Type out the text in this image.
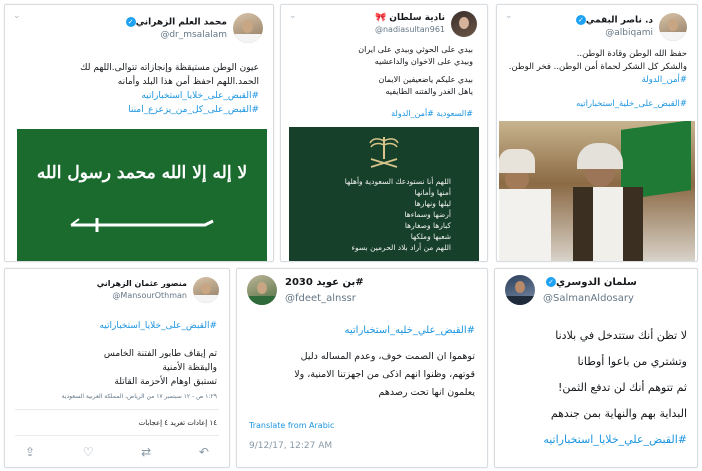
⌄	د. ناصر البقمي✓
@albiqami
حفظ الله الوطن وقادة الوطن..
والشكر كل الشكر لحماة أمن الوطن.. فخر الوطن.
#أمن_الدولة
#القبض_على_خلية_استخباراتيه
⌄	نادية سلطان 🎀
@nadiasultan961
بيدي على الحوثي وبيدي على ايران
وبيدي على الاخوان والداعشيه
بيدي عليكم ياضعيفين الايمان
ياهل الغدر والفتنه الطايفيه
#السعودية #أمن_الدولة
اللهم أنا نستودعك السعودية وأهلها
أمنها وأمانها
ليلها ونهارها
أرضها وسماءها
كبارها وصغارها
شعبها وملكها
اللهم من أراد بلاد الحرمين بسوء
⌄
محمد العلم الزهراني✓
@dr_msalalam
عيون الوطن مستيقظة وإنجازاته تتوالى.اللهم لك
الحمد.اللهم احفظ أمن هذا البلد وأمانه
#القبض_على_خلايا_استخباراتيه
#القبض_على_كل_من_يزعزع_امننا
لا إله إلا الله محمد رسول الله
منصور عثمان الزهراني
@MansourOthman
#القبض_على_خلايا_استخباراتيه
تم إيقاف طابور الفتنة الخامس
واليقظة الأمنية
تستبق اوهام الأحزمة القاتلة
١:٢٩ ص - ١٢ سبتمبر ١٧ من الرياض، المملكة العربية السعودية
١٤ إعادات تغريد ٤ إعجابات
⇪	♡	⇄	↶
بن عويد 2030#
@fdeet_alnssr
#القبض_علي_خليه_استخباراتيه
توهموا ان الصمت خوف، وعدم المساله دليل
قوتهم، وظنوا انهم اذكى من اجهزتنا الامنية، ولا
يعلمون انها تحت رصدهم
Translate from Arabic
9/12/17, 12:27 AM
سلمان الدوسري✓
@SalmanAldosary
لا تظن أنك ستتدخل في بلادنا
وتشتري من باعوا أوطانا
ثم تتوهم أنك لن تدفع الثمن!
البداية بهم والنهاية بمن جندهم
#القبض_علي_خلايا_استخباراتيه
